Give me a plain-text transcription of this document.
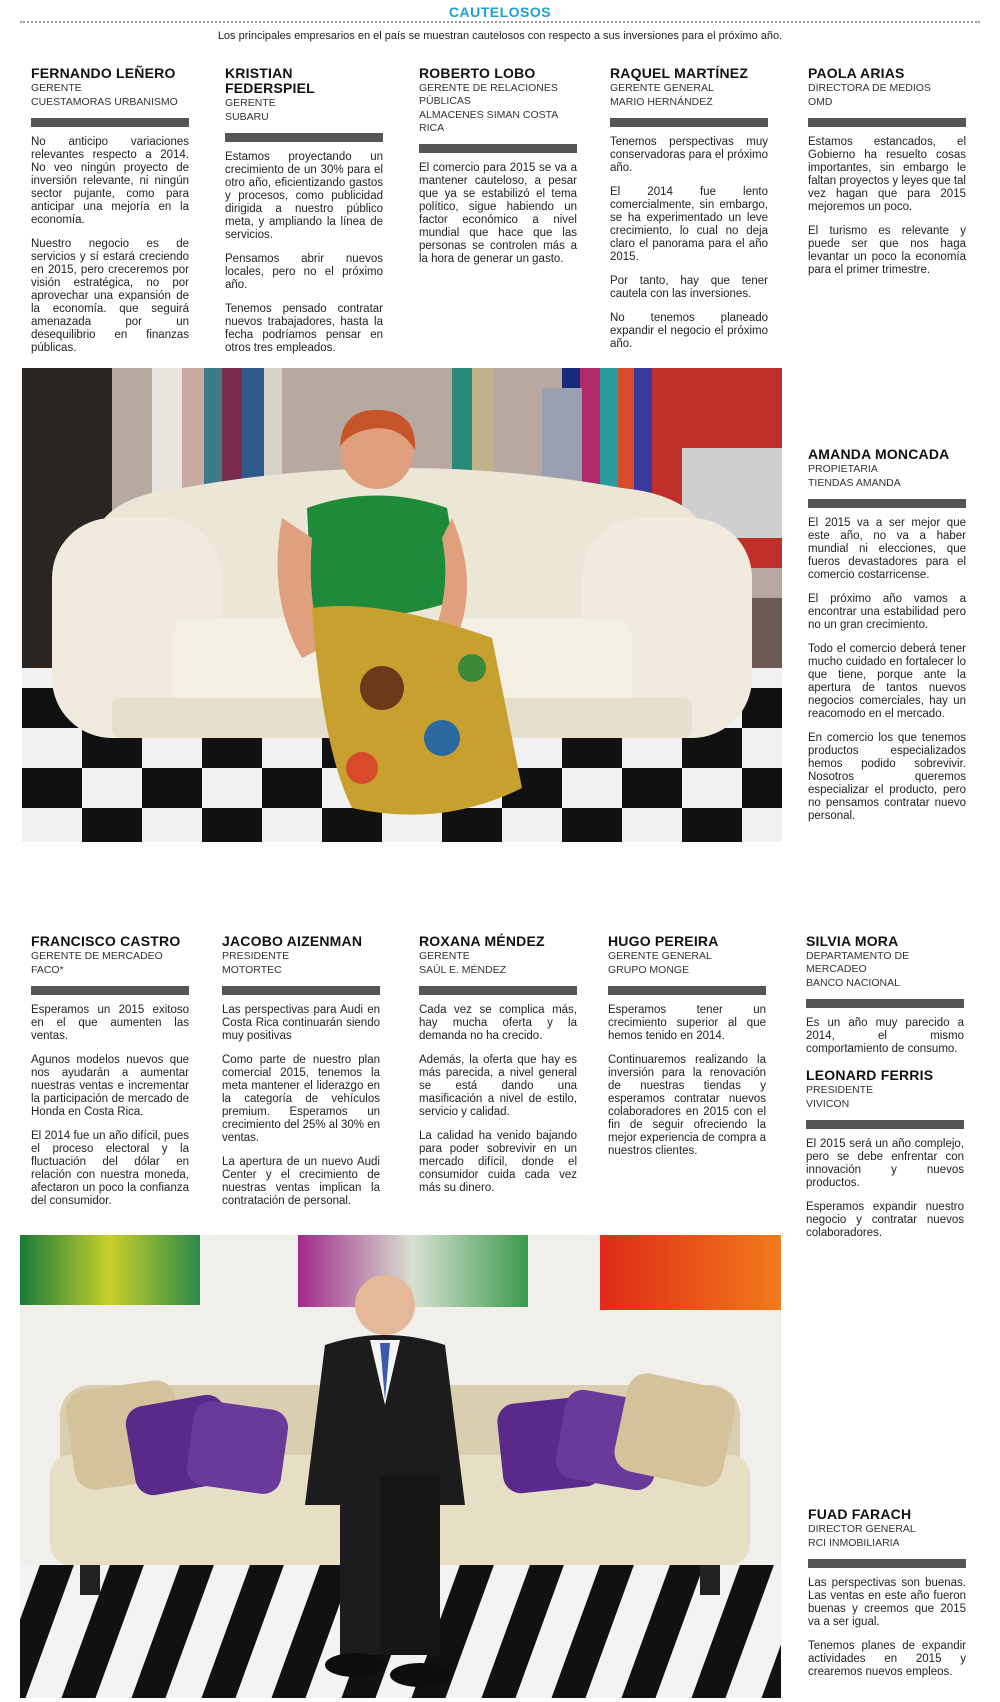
CAUTELOSOS
Los principales empresarios en el país se muestran cautelosos con respecto a sus inversiones para el próximo año.
FERNANDO LEÑERO
GERENTE
CUESTAMORAS URBANISMO

No anticipo variaciones relevantes respecto a 2014. No veo ningún proyecto de inversión relevante, ni ningún sector pujante, como para anticipar una mejoría en la economía.

Nuestro negocio es de servicios y sí estará creciendo en 2015, pero creceremos por visión estratégica, no por aprovechar una expansión de la economía. que seguirá amenazada por un desequilibrio en finanzas públicas.

KRISTIAN FEDERSPIEL
GERENTE
SUBARU

Estamos proyectando un crecimiento de un 30% para el otro año, eficientizando gastos y procesos, como publicidad dirigida a nuestro público meta, y ampliando la línea de servicios.

Pensamos abrir nuevos locales, pero no el próximo año.

Tenemos pensado contratar nuevos trabajadores, hasta la fecha podríamos pensar en otros tres empleados.

ROBERTO LOBO
GERENTE DE RELACIONES PÚBLICAS
ALMACENES SIMAN COSTA RICA

El comercio para 2015 se va a mantener cauteloso, a pesar que ya se estabilizó el tema político, sigue habiendo un factor económico a nivel mundial que hace que las personas se controlen más a la hora de generar un gasto.

RAQUEL MARTÍNEZ
GERENTE GENERAL
MARIO HERNÁNDEZ

Tenemos perspectivas muy conservadoras para el próximo año.

El 2014 fue lento comercialmente, sin embargo, se ha experimentado un leve crecimiento, lo cual no deja claro el panorama para el año 2015.

Por tanto, hay que tener cautela con las inversiones.

No tenemos planeado expandir el negocio el próximo año.

PAOLA ARIAS
DIRECTORA DE MEDIOS
OMD

Estamos estancados, el Gobierno ha resuelto cosas importantes, sin embargo le faltan proyectos y leyes que tal vez hagan que para 2015 mejoremos un poco.

El turismo es relevante y puede ser que nos haga levantar un poco la economía para el primer trimestre.

AMANDA MONCADA
PROPIETARIA
TIENDAS AMANDA

El 2015 va a ser mejor que este año, no va a haber mundial ni elecciones, que fueros devastadores para el comercio costarricense.

El próximo año vamos a encontrar una estabilidad pero no un gran crecimiento.

Todo el comercio deberá tener mucho cuidado en fortalecer lo que tiene, porque ante la apertura de tantos nuevos negocios comerciales, hay un reacomodo en el mercado.

En comercio los que tenemos productos especializados hemos podido sobrevivir. Nosotros queremos especializar el producto, pero no pensamos contratar nuevo personal.

FRANCISCO CASTRO
GERENTE DE MERCADEO
FACO*

Esperamos un 2015 exitoso en el que aumenten las ventas.

Agunos modelos nuevos que nos ayudarán a aumentar nuestras ventas e incrementar la participación de mercado de Honda en Costa Rica.

El 2014 fue un año difícil, pues el proceso electoral y la fluctuación del dólar en relación con nuestra moneda, afectaron un poco la confianza del consumidor.

JACOBO AIZENMAN
PRESIDENTE
MOTORTEC

Las perspectivas para Audi en Costa Rica continuarán siendo muy positivas

Como parte de nuestro plan comercial 2015, tenemos la meta mantener el liderazgo en la categoría de vehículos premium. Esperamos un crecimiento del 25% al 30% en ventas.

La apertura de un nuevo Audi Center y el crecimiento de nuestras ventas implican la contratación de personal.

ROXANA MÉNDEZ
GERENTE
SAÚL E. MÉNDEZ

Cada vez se complica más, hay mucha oferta y la demanda no ha crecido.

Además, la oferta que hay es más parecida, a nivel general se está dando una masificación a nivel de estilo, servicio y calidad.

La calidad ha venido bajando para poder sobrevivir en un mercado difícil, donde el consumidor cuida cada vez más su dinero.

HUGO PEREIRA
GERENTE GENERAL
GRUPO MONGE

Esperamos tener un crecimiento superior al que hemos tenido en 2014.

Continuaremos realizando la inversión para la renovación de nuestras tiendas y esperamos contratar nuevos colaboradores en 2015 con el fin de seguir ofreciendo la mejor experiencia de compra a nuestros clientes.

SILVIA MORA
DEPARTAMENTO DE MERCADEO
BANCO NACIONAL

Es un año muy parecido a 2014, el mismo comportamiento de consumo.

LEONARD FERRIS
PRESIDENTE
VIVICON

El 2015 será un año complejo, pero se debe enfrentar con innovación y nuevos productos.

Esperamos expandir nuestro negocio y contratar nuevos colaboradores.

FUAD FARACH
DIRECTOR GENERAL
RCI INMOBILIARIA

Las perspectivas son buenas. Las ventas en este año fueron buenas y creemos que 2015 va a ser igual.

Tenemos planes de expandir actividades en 2015 y crearemos nuevos empleos.
